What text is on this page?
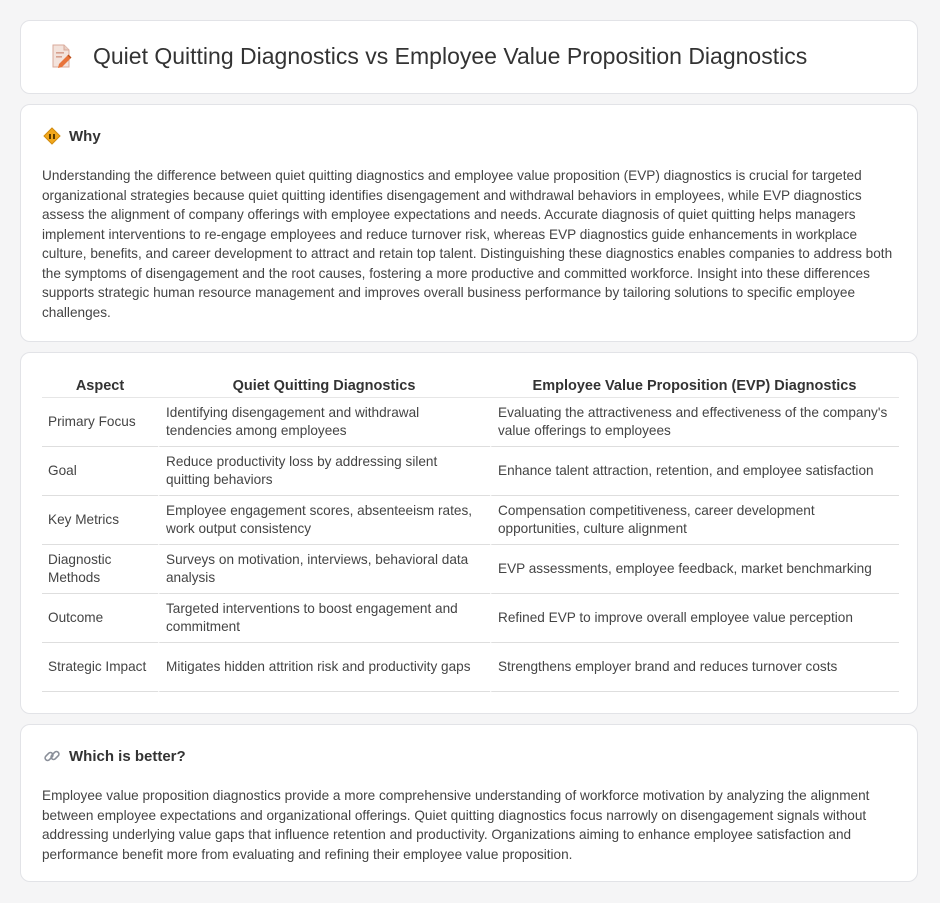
Quiet Quitting Diagnostics vs Employee Value Proposition Diagnostics
Why

Understanding the difference between quiet quitting diagnostics and employee value proposition (EVP) diagnostics is crucial for targeted organizational strategies because quiet quitting identifies disengagement and withdrawal behaviors in employees, while EVP diagnostics assess the alignment of company offerings with employee expectations and needs. Accurate diagnosis of quiet quitting helps managers implement interventions to re-engage employees and reduce turnover risk, whereas EVP diagnostics guide enhancements in workplace culture, benefits, and career development to attract and retain top talent. Distinguishing these diagnostics enables companies to address both the symptoms of disengagement and the root causes, fostering a more productive and committed workforce. Insight into these differences supports strategic human resource management and improves overall business performance by tailoring solutions to specific employee challenges.

Aspect	Quiet Quitting Diagnostics	Employee Value Proposition (EVP) Diagnostics
Primary Focus	Identifying disengagement and withdrawal tendencies among employees	Evaluating the attractiveness and effectiveness of the company's value offerings to employees
Goal	Reduce productivity loss by addressing silent quitting behaviors	Enhance talent attraction, retention, and employee satisfaction
Key Metrics	Employee engagement scores, absenteeism rates, work output consistency	Compensation competitiveness, career development opportunities, culture alignment
Diagnostic Methods	Surveys on motivation, interviews, behavioral data analysis	EVP assessments, employee feedback, market benchmarking
Outcome	Targeted interventions to boost engagement and commitment	Refined EVP to improve overall employee value perception
Strategic Impact	Mitigates hidden attrition risk and productivity gaps	Strengthens employer brand and reduces turnover costs
Which is better?

Employee value proposition diagnostics provide a more comprehensive understanding of workforce motivation by analyzing the alignment between employee expectations and organizational offerings. Quiet quitting diagnostics focus narrowly on disengagement signals without addressing underlying value gaps that influence retention and productivity. Organizations aiming to enhance employee satisfaction and performance benefit more from evaluating and refining their employee value proposition.
